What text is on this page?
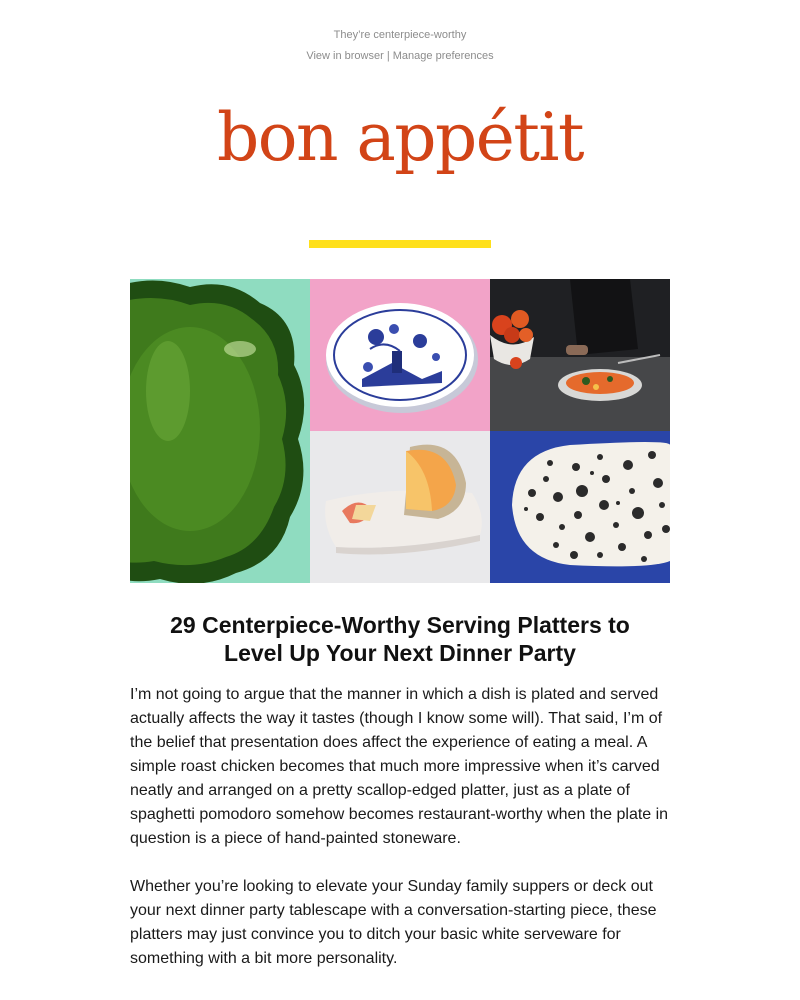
They’re centerpiece-worthy
View in browser | Manage preferences
bon appétit
29 Centerpiece-Worthy Serving Platters to
Level Up Your Next Dinner Party

I’m not going to argue that the manner in which a dish is plated and served
actually affects the way it tastes (though I know some will). That said, I’m of
the belief that presentation does affect the experience of eating a meal. A
simple roast chicken becomes that much more impressive when it’s carved
neatly and arranged on a pretty scallop-edged platter, just as a plate of
spaghetti pomodoro somehow becomes restaurant-worthy when the plate in
question is a piece of hand-painted stoneware.

Whether you’re looking to elevate your Sunday family suppers or deck out
your next dinner party tablescape with a conversation-starting piece, these
platters may just convince you to ditch your basic white serveware for
something with a bit more personality.
